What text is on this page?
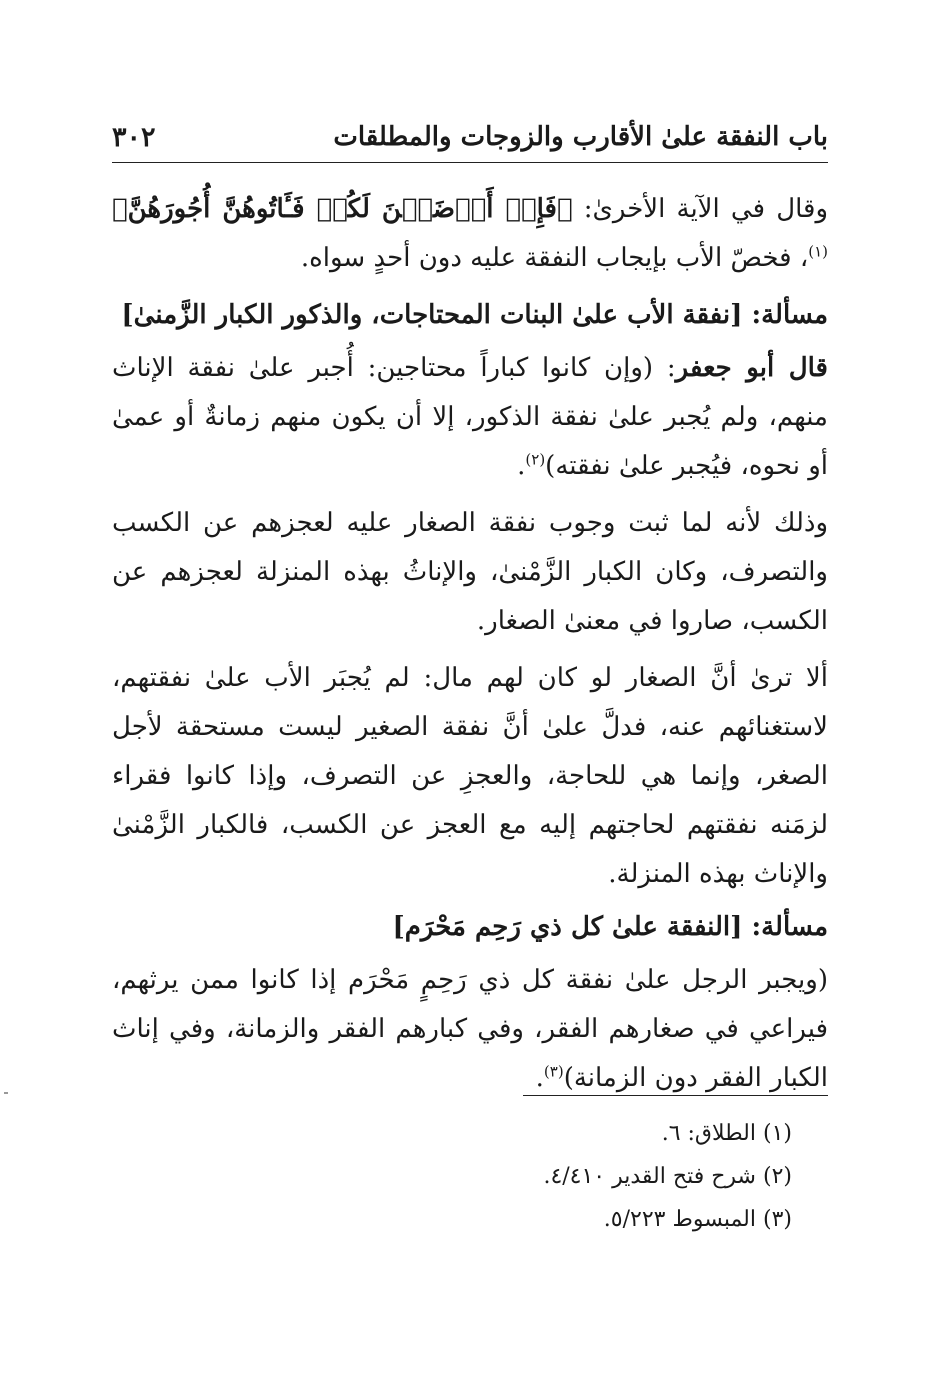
باب النفقة علىٰ الأقارب والزوجات والمطلقات
٣٠٢

وقال في الآية الأخرىٰ: ﴿فَإِنۡ أَرۡضَعۡنَ لَكُمۡ فَـَٔاتُوهُنَّ أُجُورَهُنَّ﴾$^{(١)}$، فخصّ الأب بإيجاب النفقة عليه دون أحدٍ سواه.

مسألة: [نفقة الأب علىٰ البنات المحتاجات، والذكور الكبار الزَّمنىٰ]

قال أبو جعفر: (وإن كانوا كباراً محتاجين: أُجبر علىٰ نفقة الإناث منهم، ولم يُجبر علىٰ نفقة الذكور، إلا أن يكون منهم زمانةٌ أو عمىٰ أو نحوه، فيُجبر علىٰ نفقته)$^{(٢)}$.

وذلك لأنه لما ثبت وجوب نفقة الصغار عليه لعجزهم عن الكسب والتصرف، وكان الكبار الزَّمْنىٰ، والإناثُ بهذه المنزلة لعجزهم عن الكسب، صاروا في معنىٰ الصغار.

ألا ترىٰ أنَّ الصغار لو كان لهم مال: لم يُجبَر الأب علىٰ نفقتهم، لاستغنائهم عنه، فدلَّ علىٰ أنَّ نفقة الصغير ليست مستحقة لأجل الصغر، وإنما هي للحاجة، والعجزِ عن التصرف، وإذا كانوا فقراء لزمَنه نفقتهم لحاجتهم إليه مع العجز عن الكسب، فالكبار الزَّمْنىٰ والإناث بهذه المنزلة.

مسألة: [النفقة علىٰ كل ذي رَحِم مَحْرَم]

(ويجبر الرجل علىٰ نفقة كل ذي رَحِمٍ مَحْرَم إذا كانوا ممن يرثهم، فيراعي في صغارهم الفقر، وفي كبارهم الفقر والزمانة، وفي إناث الكبار الفقر دون الزمانة)$^{(٣)}$.

(١) الطلاق: ٦.
(٢) شرح فتح القدير ٤/٤١٠.
(٣) المبسوط ٥/٢٢٣.
